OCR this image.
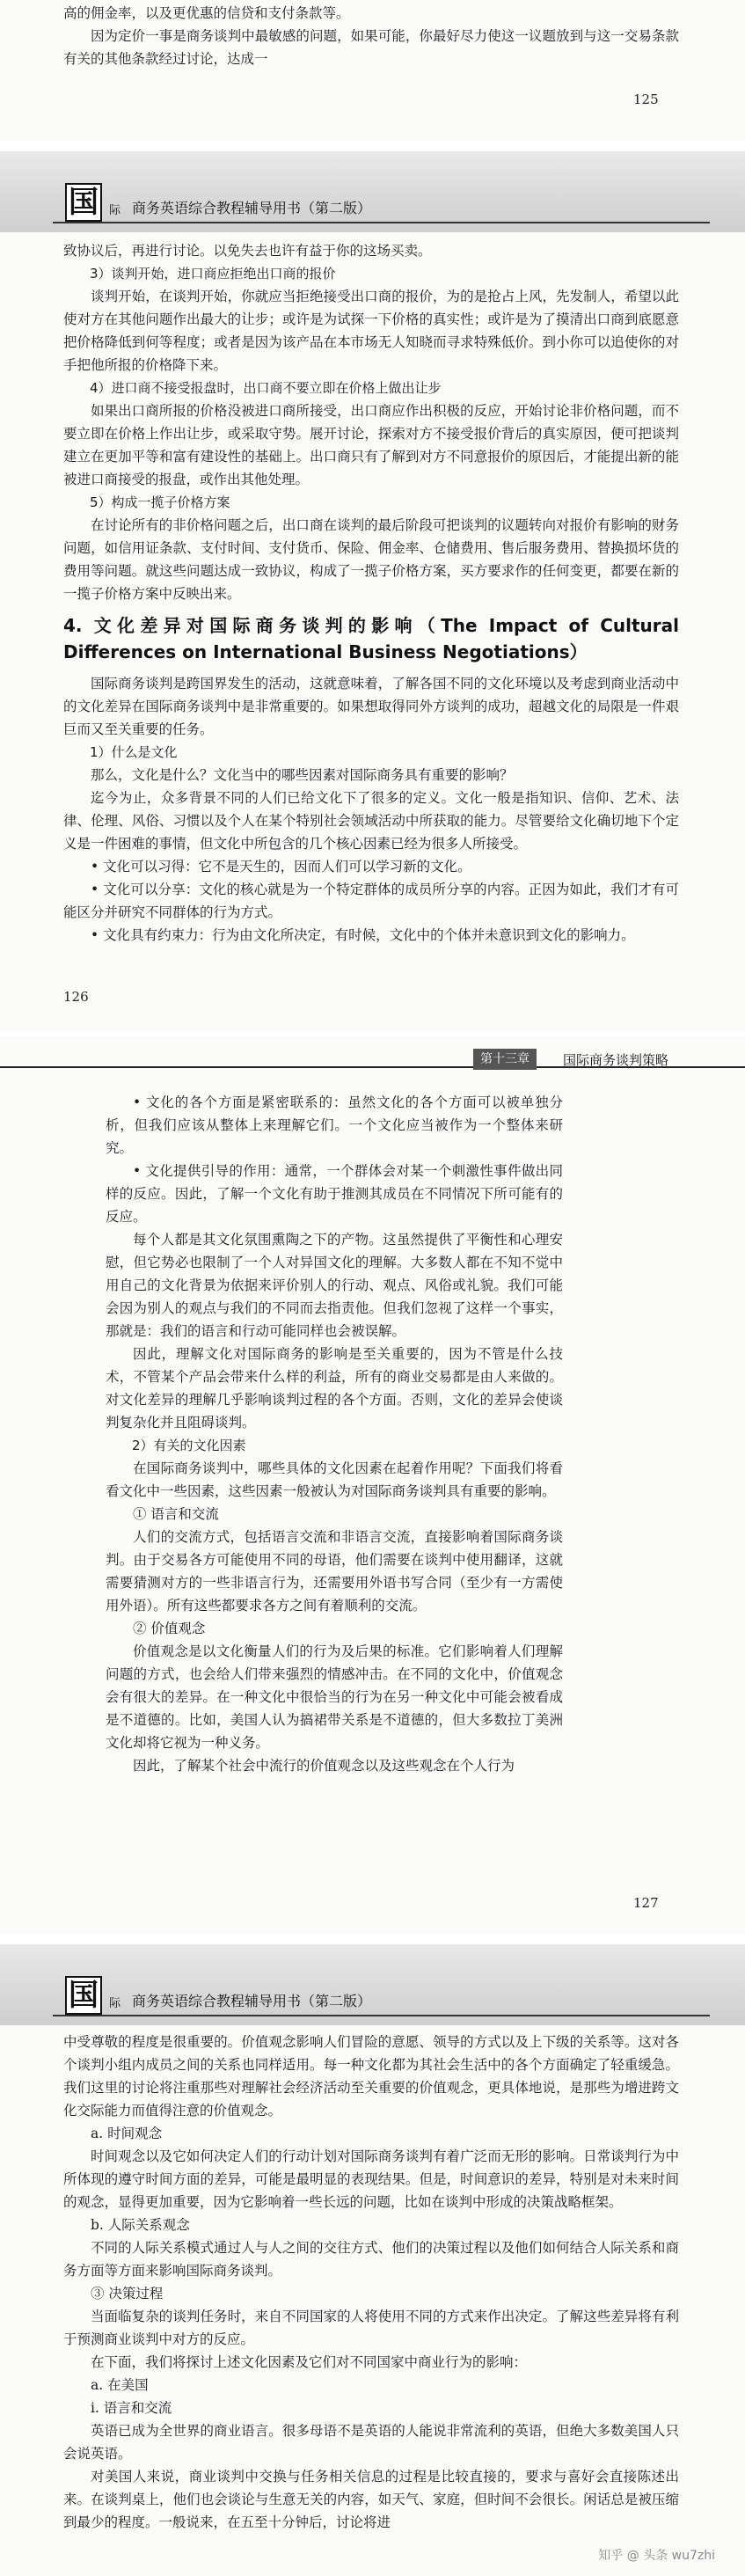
高的佣金率，以及更优惠的信贷和支付条款等。

因为定价一事是商务谈判中最敏感的问题，如果可能，你最好尽力使这一议题放到与这一交易条款有关的其他条款经过讨论，达成一

125
国 际 商务英语综合教程辅导用书（第二版）

致协议后，再进行讨论。以免失去也许有益于你的这场买卖。

3）谈判开始，进口商应拒绝出口商的报价

谈判开始，在谈判开始，你就应当拒绝接受出口商的报价，为的是抢占上风，先发制人，希望以此使对方在其他问题作出最大的让步；或许是为试探一下价格的真实性；或许是为了摸清出口商到底愿意把价格降低到何等程度；或者是因为该产品在本市场无人知晓而寻求特殊低价。到小你可以追使你的对手把他所报的价格降下来。

4）进口商不接受报盘时，出口商不要立即在价格上做出让步

如果出口商所报的价格没被进口商所接受，出口商应作出积极的反应，开始讨论非价格问题，而不要立即在价格上作出让步，或采取守势。展开讨论，探索对方不接受报价背后的真实原因，便可把谈判建立在更加平等和富有建设性的基础上。出口商只有了解到对方不同意报价的原因后，才能提出新的能被进口商接受的报盘，或作出其他处理。

5）构成一揽子价格方案

在讨论所有的非价格问题之后，出口商在谈判的最后阶段可把谈判的议题转向对报价有影响的财务问题，如信用证条款、支付时间、支付货币、保险、佣金率、仓储费用、售后服务费用、替换损坏货的费用等问题。就这些问题达成一致协议，构成了一揽子价格方案，买方要求作的任何变更，都要在新的一揽子价格方案中反映出来。

4. 文化差异对国际商务谈判的影响（The Impact of Cultural Differences on International Business Negotiations）

国际商务谈判是跨国界发生的活动，这就意味着，了解各国不同的文化环境以及考虑到商业活动中的文化差异在国际商务谈判中是非常重要的。如果想取得同外方谈判的成功，超越文化的局限是一件艰巨而又至关重要的任务。

1）什么是文化

那么，文化是什么？文化当中的哪些因素对国际商务具有重要的影响？

迄今为止，众多背景不同的人们已给文化下了很多的定义。文化一般是指知识、信仰、艺术、法律、伦理、风俗、习惯以及个人在某个特别社会领域活动中所获取的能力。尽管要给文化确切地下个定义是一件困难的事情，但文化中所包含的几个核心因素已经为很多人所接受。

• 文化可以习得：它不是天生的，因而人们可以学习新的文化。

• 文化可以分享：文化的核心就是为一个特定群体的成员所分享的内容。正因为如此，我们才有可能区分并研究不同群体的行为方式。

• 文化具有约束力：行为由文化所决定，有时候，文化中的个体并未意识到文化的影响力。

126
第十三章	国际商务谈判策略

• 文化的各个方面是紧密联系的：虽然文化的各个方面可以被单独分析，但我们应该从整体上来理解它们。一个文化应当被作为一个整体来研究。

• 文化提供引导的作用：通常，一个群体会对某一个刺激性事件做出同样的反应。因此，了解一个文化有助于推测其成员在不同情况下所可能有的反应。

每个人都是其文化氛围熏陶之下的产物。这虽然提供了平衡性和心理安慰，但它势必也限制了一个人对异国文化的理解。大多数人都在不知不觉中用自己的文化背景为依据来评价别人的行动、观点、风俗或礼貌。我们可能会因为别人的观点与我们的不同而去指责他。但我们忽视了这样一个事实，那就是：我们的语言和行动可能同样也会被误解。

因此，理解文化对国际商务的影响是至关重要的，因为不管是什么技术，不管某个产品会带来什么样的利益，所有的商业交易都是由人来做的。对文化差异的理解几乎影响谈判过程的各个方面。否则，文化的差异会使谈判复杂化并且阻碍谈判。

2）有关的文化因素

在国际商务谈判中，哪些具体的文化因素在起着作用呢？下面我们将看看文化中一些因素，这些因素一般被认为对国际商务谈判具有重要的影响。

① 语言和交流

人们的交流方式，包括语言交流和非语言交流，直接影响着国际商务谈判。由于交易各方可能使用不同的母语，他们需要在谈判中使用翻译，这就需要猜测对方的一些非语言行为，还需要用外语书写合同（至少有一方需使用外语）。所有这些都要求各方之间有着顺利的交流。

② 价值观念

价值观念是以文化衡量人们的行为及后果的标准。它们影响着人们理解问题的方式，也会给人们带来强烈的情感冲击。在不同的文化中，价值观念会有很大的差异。在一种文化中很恰当的行为在另一种文化中可能会被看成是不道德的。比如，美国人认为搞裙带关系是不道德的，但大多数拉丁美洲文化却将它视为一种义务。

因此，了解某个社会中流行的价值观念以及这些观念在个人行为

127
国 际 商务英语综合教程辅导用书（第二版）

中受尊敬的程度是很重要的。价值观念影响人们冒险的意愿、领导的方式以及上下级的关系等。这对各个谈判小组内成员之间的关系也同样适用。每一种文化都为其社会生活中的各个方面确定了轻重缓急。我们这里的讨论将注重那些对理解社会经济活动至关重要的价值观念，更具体地说，是那些为增进跨文化交际能力而值得注意的价值观念。

a. 时间观念

时间观念以及它如何决定人们的行动计划对国际商务谈判有着广泛而无形的影响。日常谈判行为中所体现的遵守时间方面的差异，可能是最明显的表现结果。但是，时间意识的差异，特别是对未来时间的观念，显得更加重要，因为它影响着一些长远的问题，比如在谈判中形成的决策战略框架。

b. 人际关系观念

不同的人际关系模式通过人与人之间的交往方式、他们的决策过程以及他们如何结合人际关系和商务方面等方面来影响国际商务谈判。

③ 决策过程

当面临复杂的谈判任务时，来自不同国家的人将使用不同的方式来作出决定。了解这些差异将有利于预测商业谈判中对方的反应。

在下面，我们将探讨上述文化因素及它们对不同国家中商业行为的影响：

a. 在美国

i. 语言和交流

英语已成为全世界的商业语言。很多母语不是英语的人能说非常流利的英语，但绝大多数美国人只会说英语。

对美国人来说，商业谈判中交换与任务相关信息的过程是比较直接的，要求与喜好会直接陈述出来。在谈判桌上，他们也会谈论与生意无关的内容，如天气、家庭，但时间不会很长。闲话总是被压缩到最少的程度。一般说来，在五至十分钟后，讨论将进

知乎 @ 头条 wu7zhi
